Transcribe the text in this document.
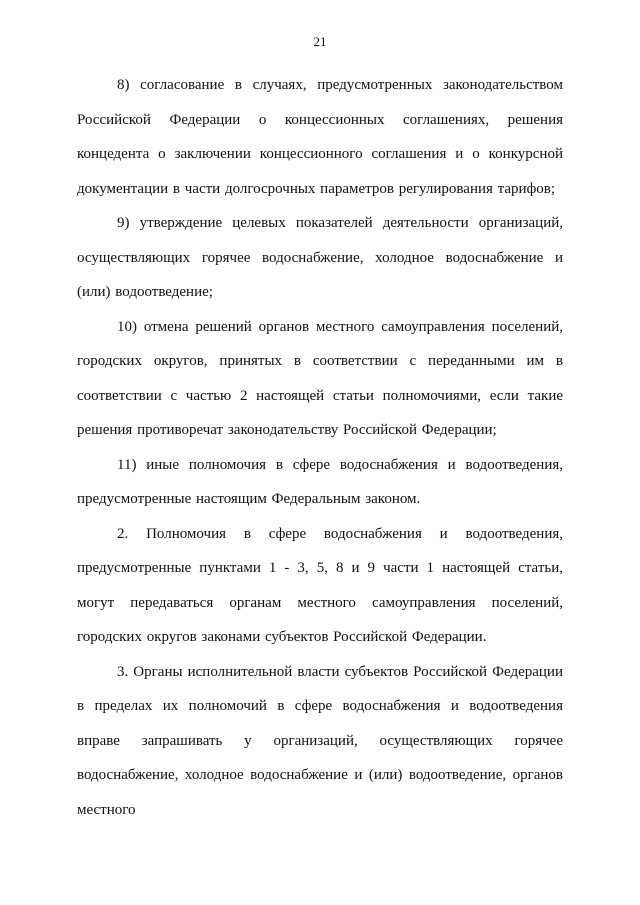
21

8) согласование в случаях, предусмотренных законодательством Российской Федерации о концессионных соглашениях, решения концедента о заключении концессионного соглашения и о конкурсной документации в части долгосрочных параметров регулирования тарифов;

9) утверждение целевых показателей деятельности организаций, осуществляющих горячее водоснабжение, холодное водоснабжение и (или) водоотведение;

10) отмена решений органов местного самоуправления поселений, городских округов, принятых в соответствии с переданными им в соответствии с частью 2 настоящей статьи полномочиями, если такие решения противоречат законодательству Российской Федерации;

11) иные полномочия в сфере водоснабжения и водоотведения, предусмотренные настоящим Федеральным законом.

2. Полномочия в сфере водоснабжения и водоотведения, предусмотренные пунктами 1 - 3, 5, 8 и 9 части 1 настоящей статьи, могут передаваться органам местного самоуправления поселений, городских округов законами субъектов Российской Федерации.

3. Органы исполнительной власти субъектов Российской Федерации в пределах их полномочий в сфере водоснабжения и водоотведения вправе запрашивать у организаций, осуществляющих горячее водоснабжение, холодное водоснабжение и (или) водоотведение, органов местного
